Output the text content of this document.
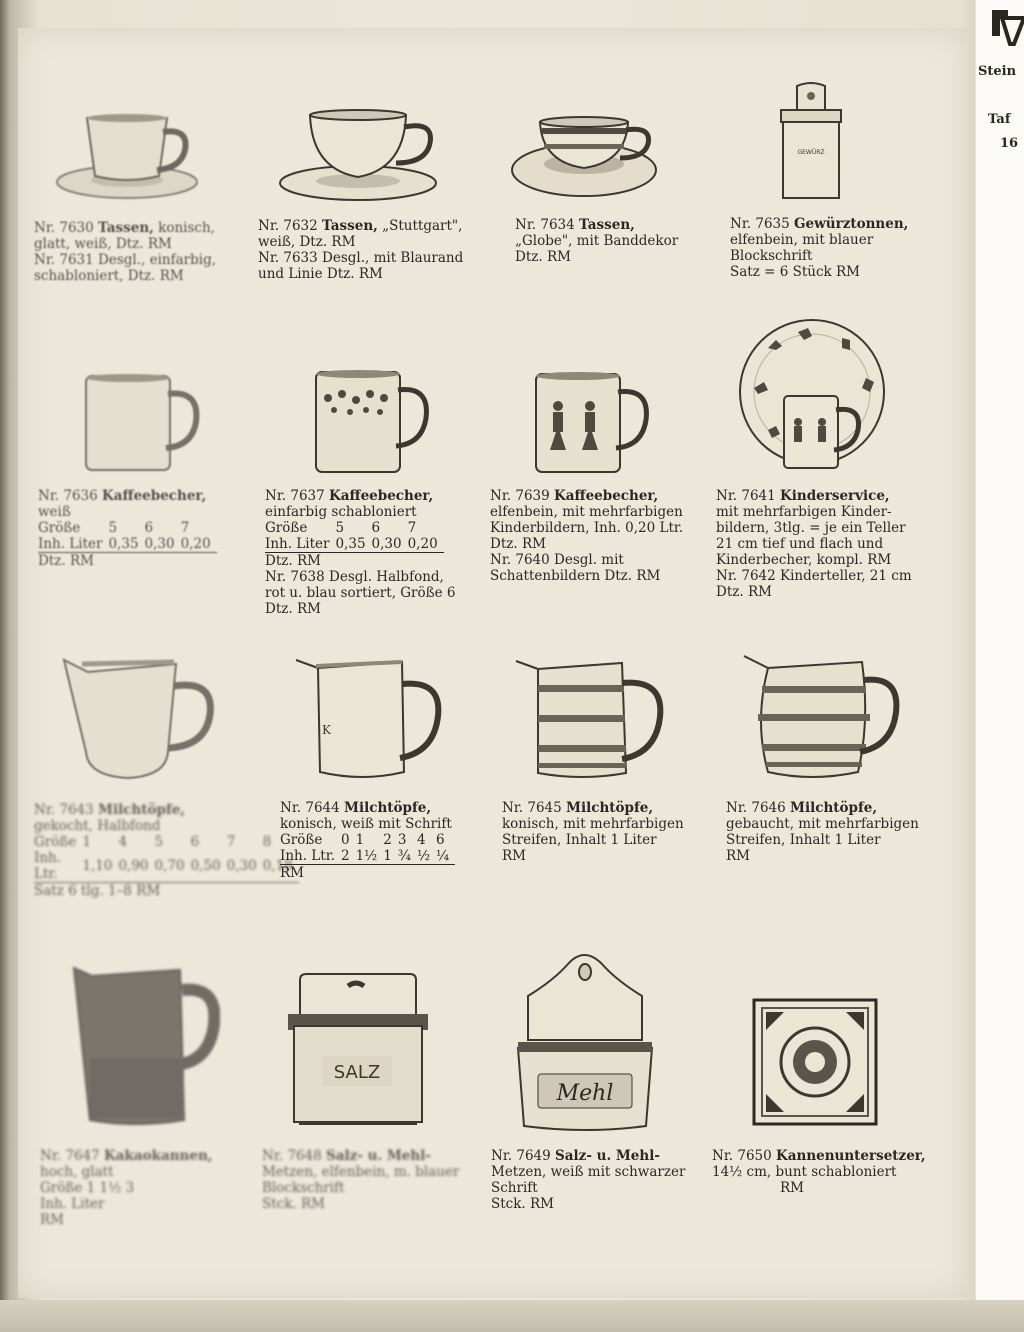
Stein
Taf
16

Nr. 7630 Tassen, konisch, glatt, weiß, Dtz. RM

Nr. 7631 Desgl., einfarbig, schabloniert, Dtz. RM

Nr. 7632 Tassen, „Stuttgart",

weiß, Dtz. RM

Nr. 7633 Desgl., mit Blaurand

und Linie Dtz. RM

Nr. 7634 Tassen,

„Globe", mit Banddekor

Dtz. RM

GEWÜRZ

Nr. 7635 Gewürztonnen,

elfenbein, mit blauer

Blockschrift

Satz = 6 Stück RM

Nr. 7636 Kaffeebecher,

weiß

Größe	5	6	7
Inh. Liter	0,35	0,30	0,20

Dtz. RM

Nr. 7637 Kaffeebecher,

einfarbig schabloniert

Größe	5	6	7
Inh. Liter	0,35	0,30	0,20

Dtz. RM

Nr. 7638 Desgl. Halbfond,

rot u. blau sortiert, Größe 6

Dtz. RM

Nr. 7639 Kaffeebecher,

elfenbein, mit mehrfarbigen

Kinderbildern, Inh. 0,20 Ltr.

Dtz. RM

Nr. 7640 Desgl. mit

Schattenbildern Dtz. RM

Nr. 7641 Kinderservice,

mit mehrfarbigen Kinder-

bildern, 3tlg. = je ein Teller

21 cm tief und flach und

Kinderbecher, kompl. RM

Nr. 7642 Kinderteller, 21 cm

Dtz. RM

Nr. 7643 Milchtöpfe,

gekocht, Halbfond

Größe	1	4	5	6	7	8
Inh. Ltr.	1,10	0,90	0,70	0,50	0,30	0,18

Satz 6 tlg. 1–8 RM

K

Nr. 7644 Milchtöpfe,

konisch, weiß mit Schrift

Größe	0	1	2	3	4	6
Inh. Ltr.	2	1½	1	¾	½	¼

RM

Nr. 7645 Milchtöpfe,

konisch, mit mehrfarbigen

Streifen, Inhalt 1 Liter

RM

Nr. 7646 Milchtöpfe,

gebaucht, mit mehrfarbigen

Streifen, Inhalt 1 Liter

RM

Nr. 7647 Kakaokannen,

hoch, glatt

Größe 1 1½ 3

Inh. Liter

RM

SALZ

Nr. 7648 Salz- u. Mehl-

Metzen, elfenbein, m. blauer

Blockschrift

Stck. RM

Mehl

Nr. 7649 Salz- u. Mehl-

Metzen, weiß mit schwarzer

Schrift

Stck. RM

Nr. 7650 Kannenuntersetzer,

14½ cm, bunt schabloniert

RM
